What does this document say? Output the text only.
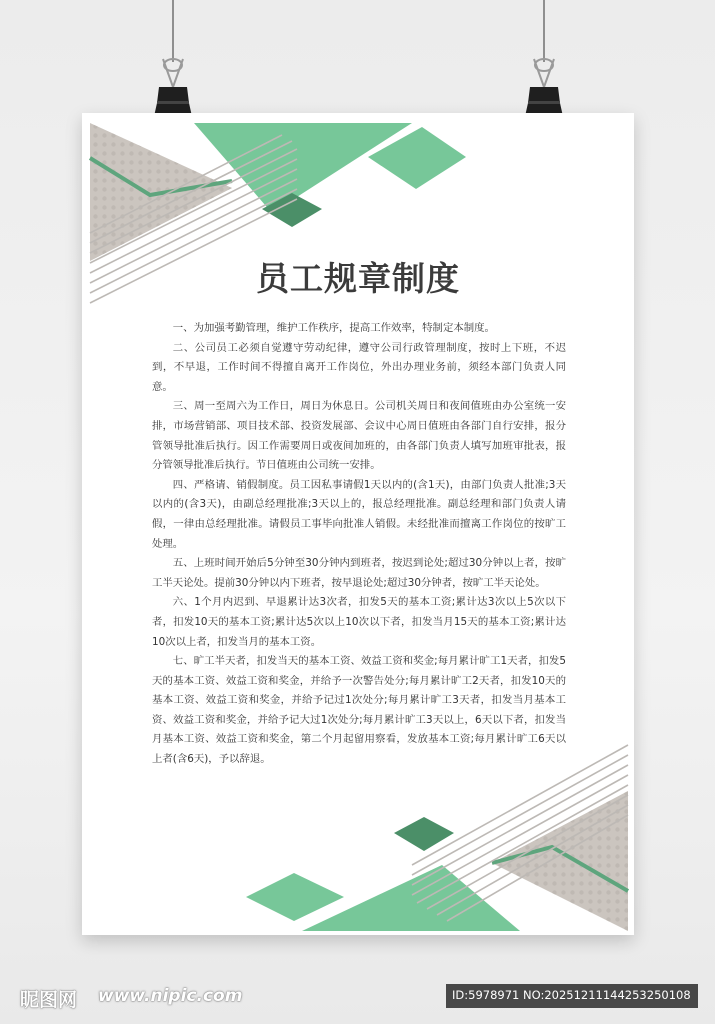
员工规章制度

一、为加强考勤管理，维护工作秩序，提高工作效率，特制定本制度。

二、公司员工必须自觉遵守劳动纪律，遵守公司行政管理制度，按时上下班，不迟到，不早退，工作时间不得擅自离开工作岗位，外出办理业务前，须经本部门负责人同意。

三、周一至周六为工作日，周日为休息日。公司机关周日和夜间值班由办公室统一安排，市场营销部、项目技术部、投资发展部、会议中心周日值班由各部门自行安排，报分管领导批准后执行。因工作需要周日或夜间加班的，由各部门负责人填写加班审批表，报分管领导批准后执行。节日值班由公司统一安排。

四、严格请、销假制度。员工因私事请假1天以内的(含1天)，由部门负责人批准;3天以内的(含3天)，由副总经理批准;3天以上的，报总经理批准。副总经理和部门负责人请假，一律由总经理批准。请假员工事毕向批准人销假。未经批准而擅离工作岗位的按旷工处理。

五、上班时间开始后5分钟至30分钟内到班者，按迟到论处;超过30分钟以上者，按旷工半天论处。提前30分钟以内下班者，按早退论处;超过30分钟者，按旷工半天论处。

六、1个月内迟到、早退累计达3次者，扣发5天的基本工资;累计达3次以上5次以下者，扣发10天的基本工资;累计达5次以上10次以下者，扣发当月15天的基本工资;累计达10次以上者，扣发当月的基本工资。

七、旷工半天者，扣发当天的基本工资、效益工资和奖金;每月累计旷工1天者，扣发5天的基本工资、效益工资和奖金，并给予一次警告处分;每月累计旷工2天者，扣发10天的基本工资、效益工资和奖金，并给予记过1次处分;每月累计旷工3天者，扣发当月基本工资、效益工资和奖金，并给予记大过1次处分;每月累计旷工3天以上，6天以下者，扣发当月基本工资、效益工资和奖金，第二个月起留用察看，发放基本工资;每月累计旷工6天以上者(含6天)，予以辞退。

昵图网 www.nipic.com	ID:5978971 NO:20251211144253250108
